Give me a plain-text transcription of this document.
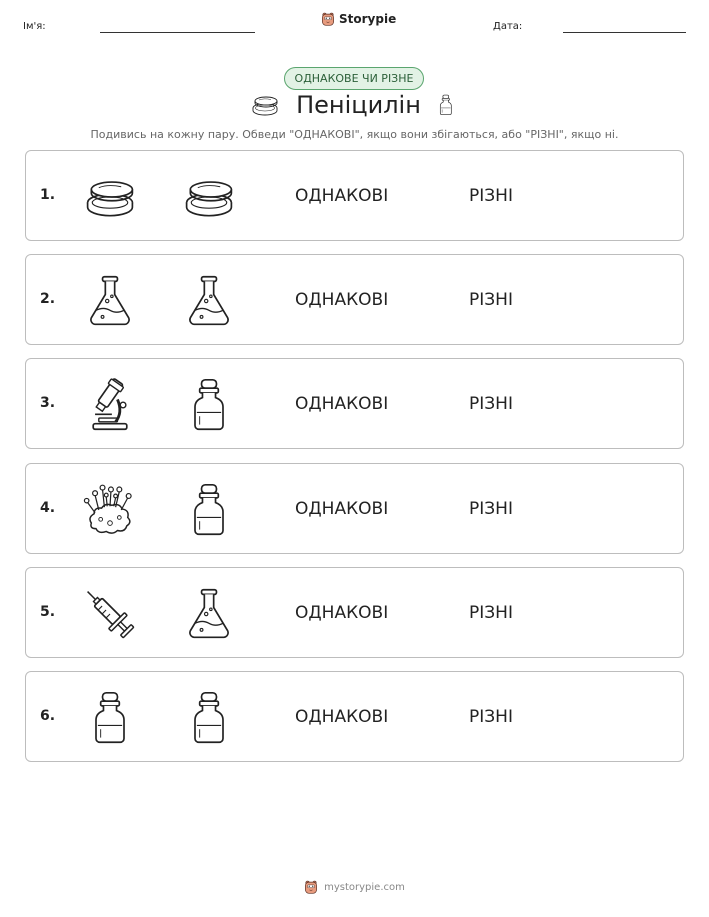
Ім'я:
Storypie
Дата:
ОДНАКОВЕ ЧИ РІЗНЕ
Пеніцилін
Подивись на кожну пару. Обведи "ОДНАКОВІ", якщо вони збігаються, або "РІЗНІ", якщо ні.
1.	ОДНАКОВІ	РІЗНІ
2.	ОДНАКОВІ	РІЗНІ
3.	ОДНАКОВІ	РІЗНІ
4.	ОДНАКОВІ	РІЗНІ
5.	ОДНАКОВІ	РІЗНІ
6.	ОДНАКОВІ	РІЗНІ
mystorypie.com
